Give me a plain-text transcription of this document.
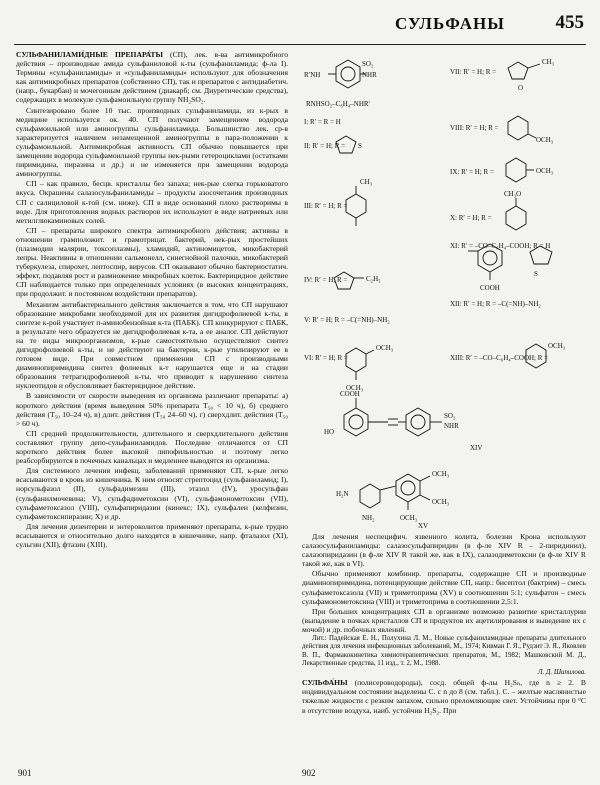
СУЛЬФАНЫ	455

СУЛЬФАНИЛАМИ́ДНЫЕ ПРЕПАРА́ТЫ (СП), лек. в-ва антимикробного действия – производные амида сульфаниловой к-ты (сульфаниламида; ф-ла I). Термины «сульфаниламиды» и «сульфаниламиды» используют для обозначения как антимикробных препаратов (собственно СП), так и препаратов с антидиабетич. (напр., букарбан) и мочегонным действием (диакарб; см. Диуретические средства), содержащих в молекуле сульфамоильную группу NH₂SO₂.

Синтезировано более 10 тыс. производных сульфаниламида, из к-рых в медицине используется ок. 40. СП получают замещением водорода сульфамоильной или аминогруппы сульфаниламида. Большинство лек. ср-в характеризуется наличием незамещенной аминогруппы в пара-положении к сульфамоильной. Антимикробная активность СП обычно повышается при замещении водорода сульфамоильной группы нек-рыми гетероциклами (остатками пиримидина, пиразина и др.) и не изменяется при замещении водорода аминогруппы.

СП – как правило, бесцв. кристаллы без запаха; нек-рые слегка горьковатого вкуса. Окрашены салазосульфаниламиды – продукты азосочетания производных СП с салициловой к-той (см. ниже). СП в виде оснований плохо растворимы в воде. Для приготовления водных растворов их используют в виде натриевых или метилглюкаминовых солей.

СП – препараты широкого спектра антимикробного действия; активны в отношении грамположит. и грамотрицат. бактерий, нек-рых простейших (плазмодии малярии, токсоплазмы), хламидий, актиномицетов, микобактерий лепры. Неактивны в отношении сальмонелл, синегнойной палочки, микобактерий туберкулеза, спирохет, лептоспир, вирусов. СП оказывают обычно бактериостатич. эффект, подавляя рост и размножение микробных клеток. Бактерицидное действие СП наблюдается только при определенных условиях (в высоких концентрациях, при продолжит. и постоянном воздействии препаратов).

Механизм антибактериального действия заключается в том, что СП нарушают образование микробами необходимой для их развития дигидрофолиевой к-ты, в синтезе к-рой участвует п-аминобензойная к-та (ПАБК). СП конкурируют с ПАБК, в результате чего образуется не дигидрофолиевая к-та, а ее аналог. СП действуют на те виды микроорганизмов, к-рые самостоятельно осуществляют синтез дигидрофолиевой к-ты, и не действуют на бактерии, к-рые утилизируют ее в готовом виде. При совместном применении СП с производными диаминопиримидина синтез фолиевых к-т нарушается еще и на стадии образования тетрагидрофолиевой к-ты, что приводит к нарушению синтеза нуклеотидов и обусловливает бактерицидное действие.

В зависимости от скорости выведения из организма различают препараты: а) короткого действия (время выведения 50% препарата T₅₀ < 10 ч), б) среднего действия (T₅₀ 10–24 ч), в) длит. действия (T₅₀ 24–60 ч), г) сверхдлит. действия (T₅₀ > 60 ч).

СП средней продолжительности, длительного и сверхдлительного действия составляют группу депо-сульфаниламидов. Последние отличаются от СП короткого действия более высокой липофильностью и поэтому легко реабсорбируются в почечных канальцах и медленнее выводятся из организма.

Для системного лечения инфекц. заболеваний применяют СП, к-рые легко всасываются в кровь из кишечника. К ним относят стрептоцид (сульфаниламид; I), норсульфазол (II), сульфадимезин (III), этазол (IV), уросульфан (сульфанилмочевина; V), сульфадиметоксин (VI), сульфамонометоксин (VII), сульфаметоксазол (VIII), сульфапиридазин (кинекс; IX), сульфален (келфизин, сульфаметоксипиразин; X) и др.

Для лечения дизентерии и энтероколитов применяют препараты, к-рые трудно всасываются и относительно долго находятся в кишечнике, напр. фталазол (XI), сульгин (XII), фтазин (XIII).

R′NH
SO₂
NHR
RNHSO₂–C₆H₄–NHR′
I: R′ = R = H
II: R′ = H; R = S
III: R′ = H; R =
CH₃
IV: R′ = H; R =	C₂H₅
V: R′ = H; R = –C(=NH)–NH₂
VI: R′ = H; R =
OCH₃
OCH₃
VII: R′ = H; R =
CH₃
O
VIII: R′ = H; R =
OCH₃
IX: R′ = H; R =	OCH₃
X: R′ = H; R =
CH₃O
XI: R′ = –CO–C₆H₄–COOH; R = H
COOH
XII: R′ = H; R = –C(=NH)–NH₂
S
XIII: R′ = –CO–C₆H₄–COOH; R =
OCH₃
COOH
HO
SO₂
NHR
XIV
H₂N
NH₂
OCH₃
OCH₃
OCH₃
XV

Для лечения неспецифич. язвенного колита, болезни Крона используют салазосульфаниламиды: салазосульфапиридин (в ф-ле XIV R – 2-пиридинил), салазопиридазин (в ф-ле XIV R такой же, как в IX), салазодиметоксин (в ф-ле XIV R такой же, как в VI).

Обычно применяют комбинир. препараты, содержащие СП и производные диаминопиримидина, потенцирующие действие СП, напр.: бисептол (бактрим) – смесь сульфаметоксазола (VII) и триметоприма (XV) в соотношении 5:1; сульфатон – смесь сульфамонометоксина (VIII) и триметоприма в соотношении 2,5:1.

При больших концентрациях СП в организме возможно развитие кристаллурии (выпадение в почках кристаллов СП и продуктов их ацетилирования и выведение их с мочой) и др. побочных явлений.

Лит.: Падейская Е. Н., Полухина Л. М., Новые сульфаниламидные препараты длительного действия для лечения инфекционных заболеваний, М., 1974; Кивман Г. Я., Рудзит Э. Я., Яковлев В. П., Фармакокинетика химиотерапевтических препаратов, М., 1982; Машковский М. Д., Лекарственные средства, 11 изд., т. 2, М., 1988.

Л. Д. Шипилова.

СУЛЬФА́НЫ (полисероводороды), сосд. общей ф-лы H₂Sₙ, где n ≥ 2. В индивидуальном состоянии выделены С. с n до 8 (см. табл.). С. – желтые маслянистые тяжелые жидкости с резким запахом, сильно преломляющие свет. Устойчивы при 0 °С в отсутствие воздуха, наиб. устойчив H₂S₂. При

901	902
